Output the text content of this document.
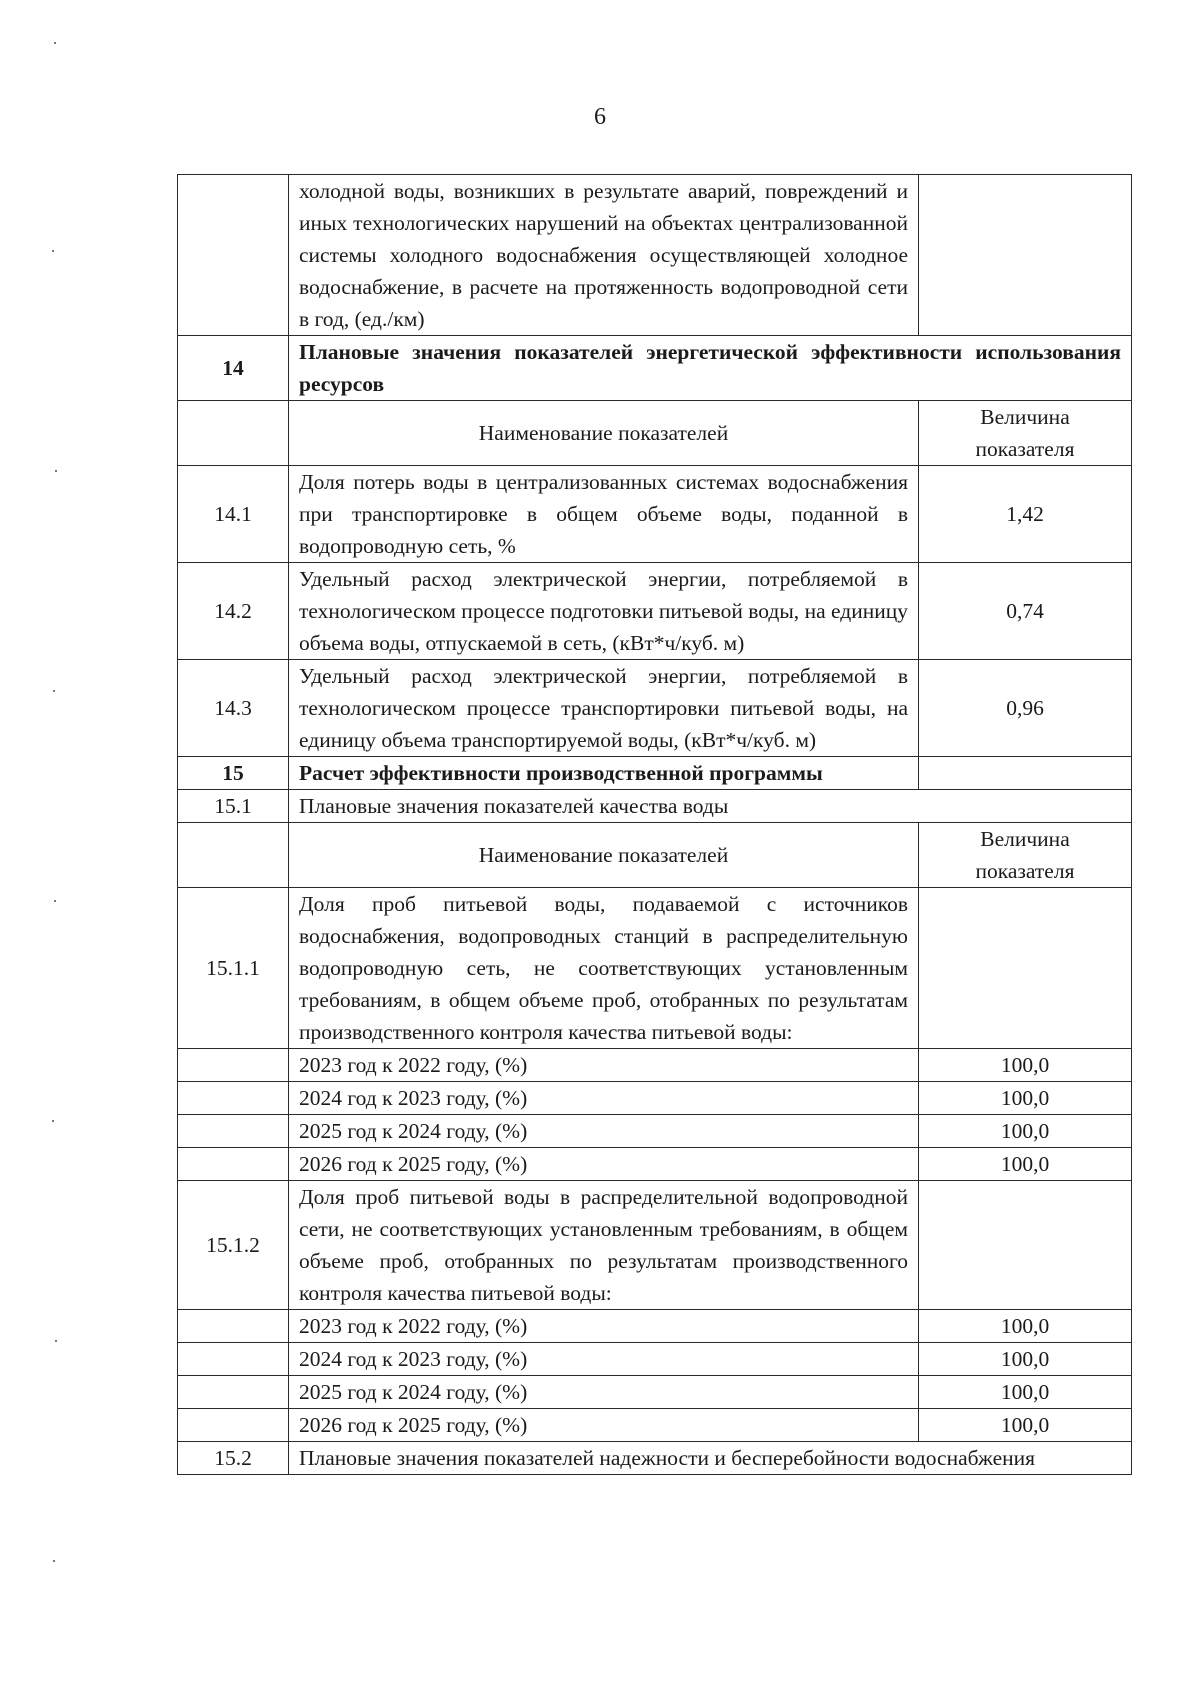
6
	холодной воды, возникших в результате аварий, повреждений и иных технологических нарушений на объектах централизованной системы холодного водоснабжения осуществляющей холодное водоснабжение, в расчете на протяженность водопроводной сети в год, (ед./км)	
14	Плановые значения показателей энергетической эффективности использования ресурсов	
	Наименование показателей	Величина показателя
14.1	Доля потерь воды в централизованных системах водоснабжения при транспортировке в общем объеме воды, поданной в водопроводную сеть, %	1,42
14.2	Удельный расход электрической энергии, потребляемой в технологическом процессе подготовки питьевой воды, на единицу объема воды, отпускаемой в сеть, (кВт*ч/куб. м)	0,74
14.3	Удельный расход электрической энергии, потребляемой в технологическом процессе транспортировки питьевой воды, на единицу объема транспортируемой воды, (кВт*ч/куб. м)	0,96
15	Расчет эффективности производственной программы	
15.1	Плановые значения показателей качества воды	
	Наименование показателей	Величина показателя
15.1.1	Доля проб питьевой воды, подаваемой с источников водоснабжения, водопроводных станций в распределительную водопроводную сеть, не соответствующих установленным требованиям, в общем объеме проб, отобранных по результатам производственного контроля качества питьевой воды:	
	2023 год к 2022 году, (%)	100,0
	2024 год к 2023 году, (%)	100,0
	2025 год к 2024 году, (%)	100,0
	2026 год к 2025 году, (%)	100,0
15.1.2	Доля проб питьевой воды в распределительной водопроводной сети, не соответствующих установленным требованиям, в общем объеме проб, отобранных по результатам производственного контроля качества питьевой воды:	
	2023 год к 2022 году, (%)	100,0
	2024 год к 2023 году, (%)	100,0
	2025 год к 2024 году, (%)	100,0
	2026 год к 2025 году, (%)	100,0
15.2	Плановые значения показателей надежности и бесперебойности водоснабжения	
